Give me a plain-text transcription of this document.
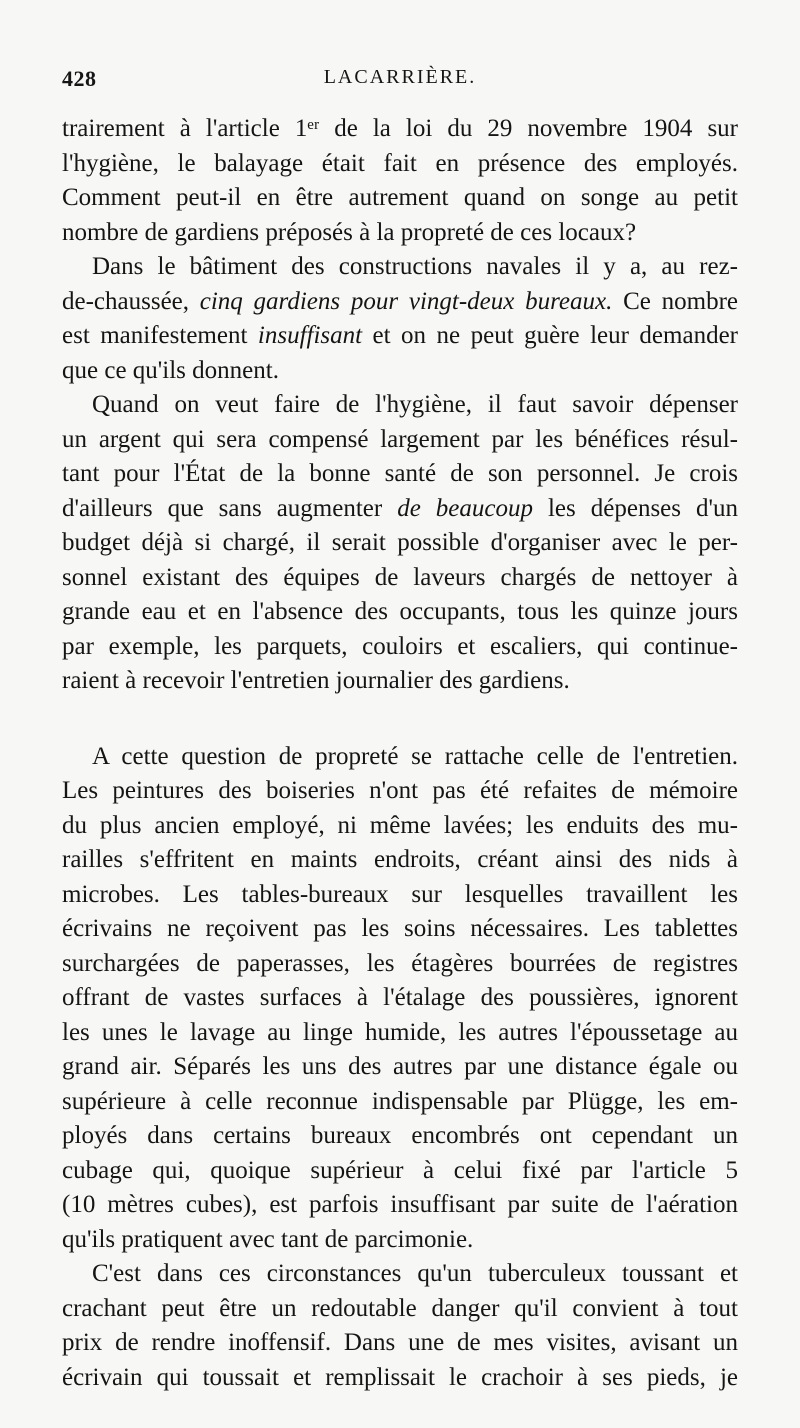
428	LACARRIÈRE.
trairement à l'article 1ᵉʳ de la loi du 29 novembre 1904 sur
l'hygiène, le balayage était fait en présence des employés.
Comment peut-il en être autrement quand on songe au petit
nombre de gardiens préposés à la propreté de ces locaux?
Dans le bâtiment des constructions navales il y a, au rez-
de-chaussée, cinq gardiens pour vingt-deux bureaux. Ce nombre
est manifestement insuffisant et on ne peut guère leur demander
que ce qu'ils donnent.
Quand on veut faire de l'hygiène, il faut savoir dépenser
un argent qui sera compensé largement par les bénéfices résul-
tant pour l'État de la bonne santé de son personnel. Je crois
d'ailleurs que sans augmenter de beaucoup les dépenses d'un
budget déjà si chargé, il serait possible d'organiser avec le per-
sonnel existant des équipes de laveurs chargés de nettoyer à
grande eau et en l'absence des occupants, tous les quinze jours
par exemple, les parquets, couloirs et escaliers, qui continue-
raient à recevoir l'entretien journalier des gardiens.
A cette question de propreté se rattache celle de l'entretien.
Les peintures des boiseries n'ont pas été refaites de mémoire
du plus ancien employé, ni même lavées; les enduits des mu-
railles s'effritent en maints endroits, créant ainsi des nids à
microbes. Les tables-bureaux sur lesquelles travaillent les
écrivains ne reçoivent pas les soins nécessaires. Les tablettes
surchargées de paperasses, les étagères bourrées de registres
offrant de vastes surfaces à l'étalage des poussières, ignorent
les unes le lavage au linge humide, les autres l'époussetage au
grand air. Séparés les uns des autres par une distance égale ou
supérieure à celle reconnue indispensable par Plügge, les em-
ployés dans certains bureaux encombrés ont cependant un
cubage qui, quoique supérieur à celui fixé par l'article 5
(10 mètres cubes), est parfois insuffisant par suite de l'aération
qu'ils pratiquent avec tant de parcimonie.
C'est dans ces circonstances qu'un tuberculeux toussant et
crachant peut être un redoutable danger qu'il convient à tout
prix de rendre inoffensif. Dans une de mes visites, avisant un
écrivain qui toussait et remplissait le crachoir à ses pieds, je
